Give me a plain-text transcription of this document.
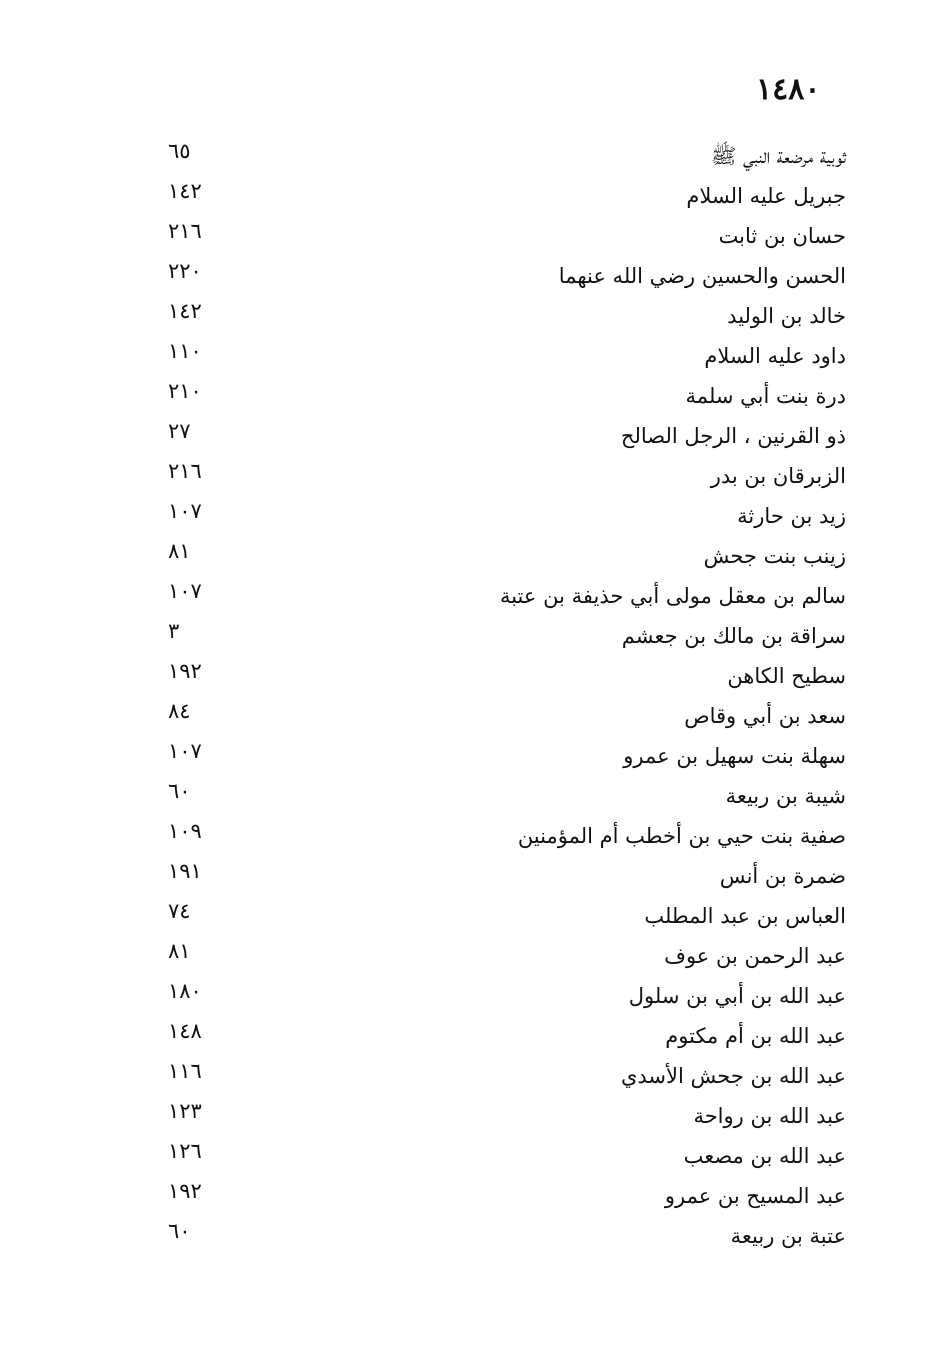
١٤٨٠
ثوبية مرضعة النبي ﷺ
٦٥
جبريل عليه السلام
١٤٢
حسان بن ثابت
٢١٦
الحسن والحسين رضي الله عنهما
٢٢٠
خالد بن الوليد
١٤٢
داود عليه السلام
١١٠
درة بنت أبي سلمة
٢١٠
ذو القرنين ، الرجل الصالح
٢٧
الزبرقان بن بدر
٢١٦
زيد بن حارثة
١٠٧
زينب بنت جحش
٨١
سالم بن معقل مولى أبي حذيفة بن عتبة
١٠٧
سراقة بن مالك بن جعشم
٣
سطيح الكاهن
١٩٢
سعد بن أبي وقاص
٨٤
سهلة بنت سهيل بن عمرو
١٠٧
شيبة بن ربيعة
٦٠
صفية بنت حيي بن أخطب أم المؤمنين
١٠٩
ضمرة بن أنس
١٩١
العباس بن عبد المطلب
٧٤
عبد الرحمن بن عوف
٨١
عبد الله بن أبي بن سلول
١٨٠
عبد الله بن أم مكتوم
١٤٨
عبد الله بن جحش الأسدي
١١٦
عبد الله بن رواحة
١٢٣
عبد الله بن مصعب
١٢٦
عبد المسيح بن عمرو
١٩٢
عتبة بن ربيعة
٦٠
